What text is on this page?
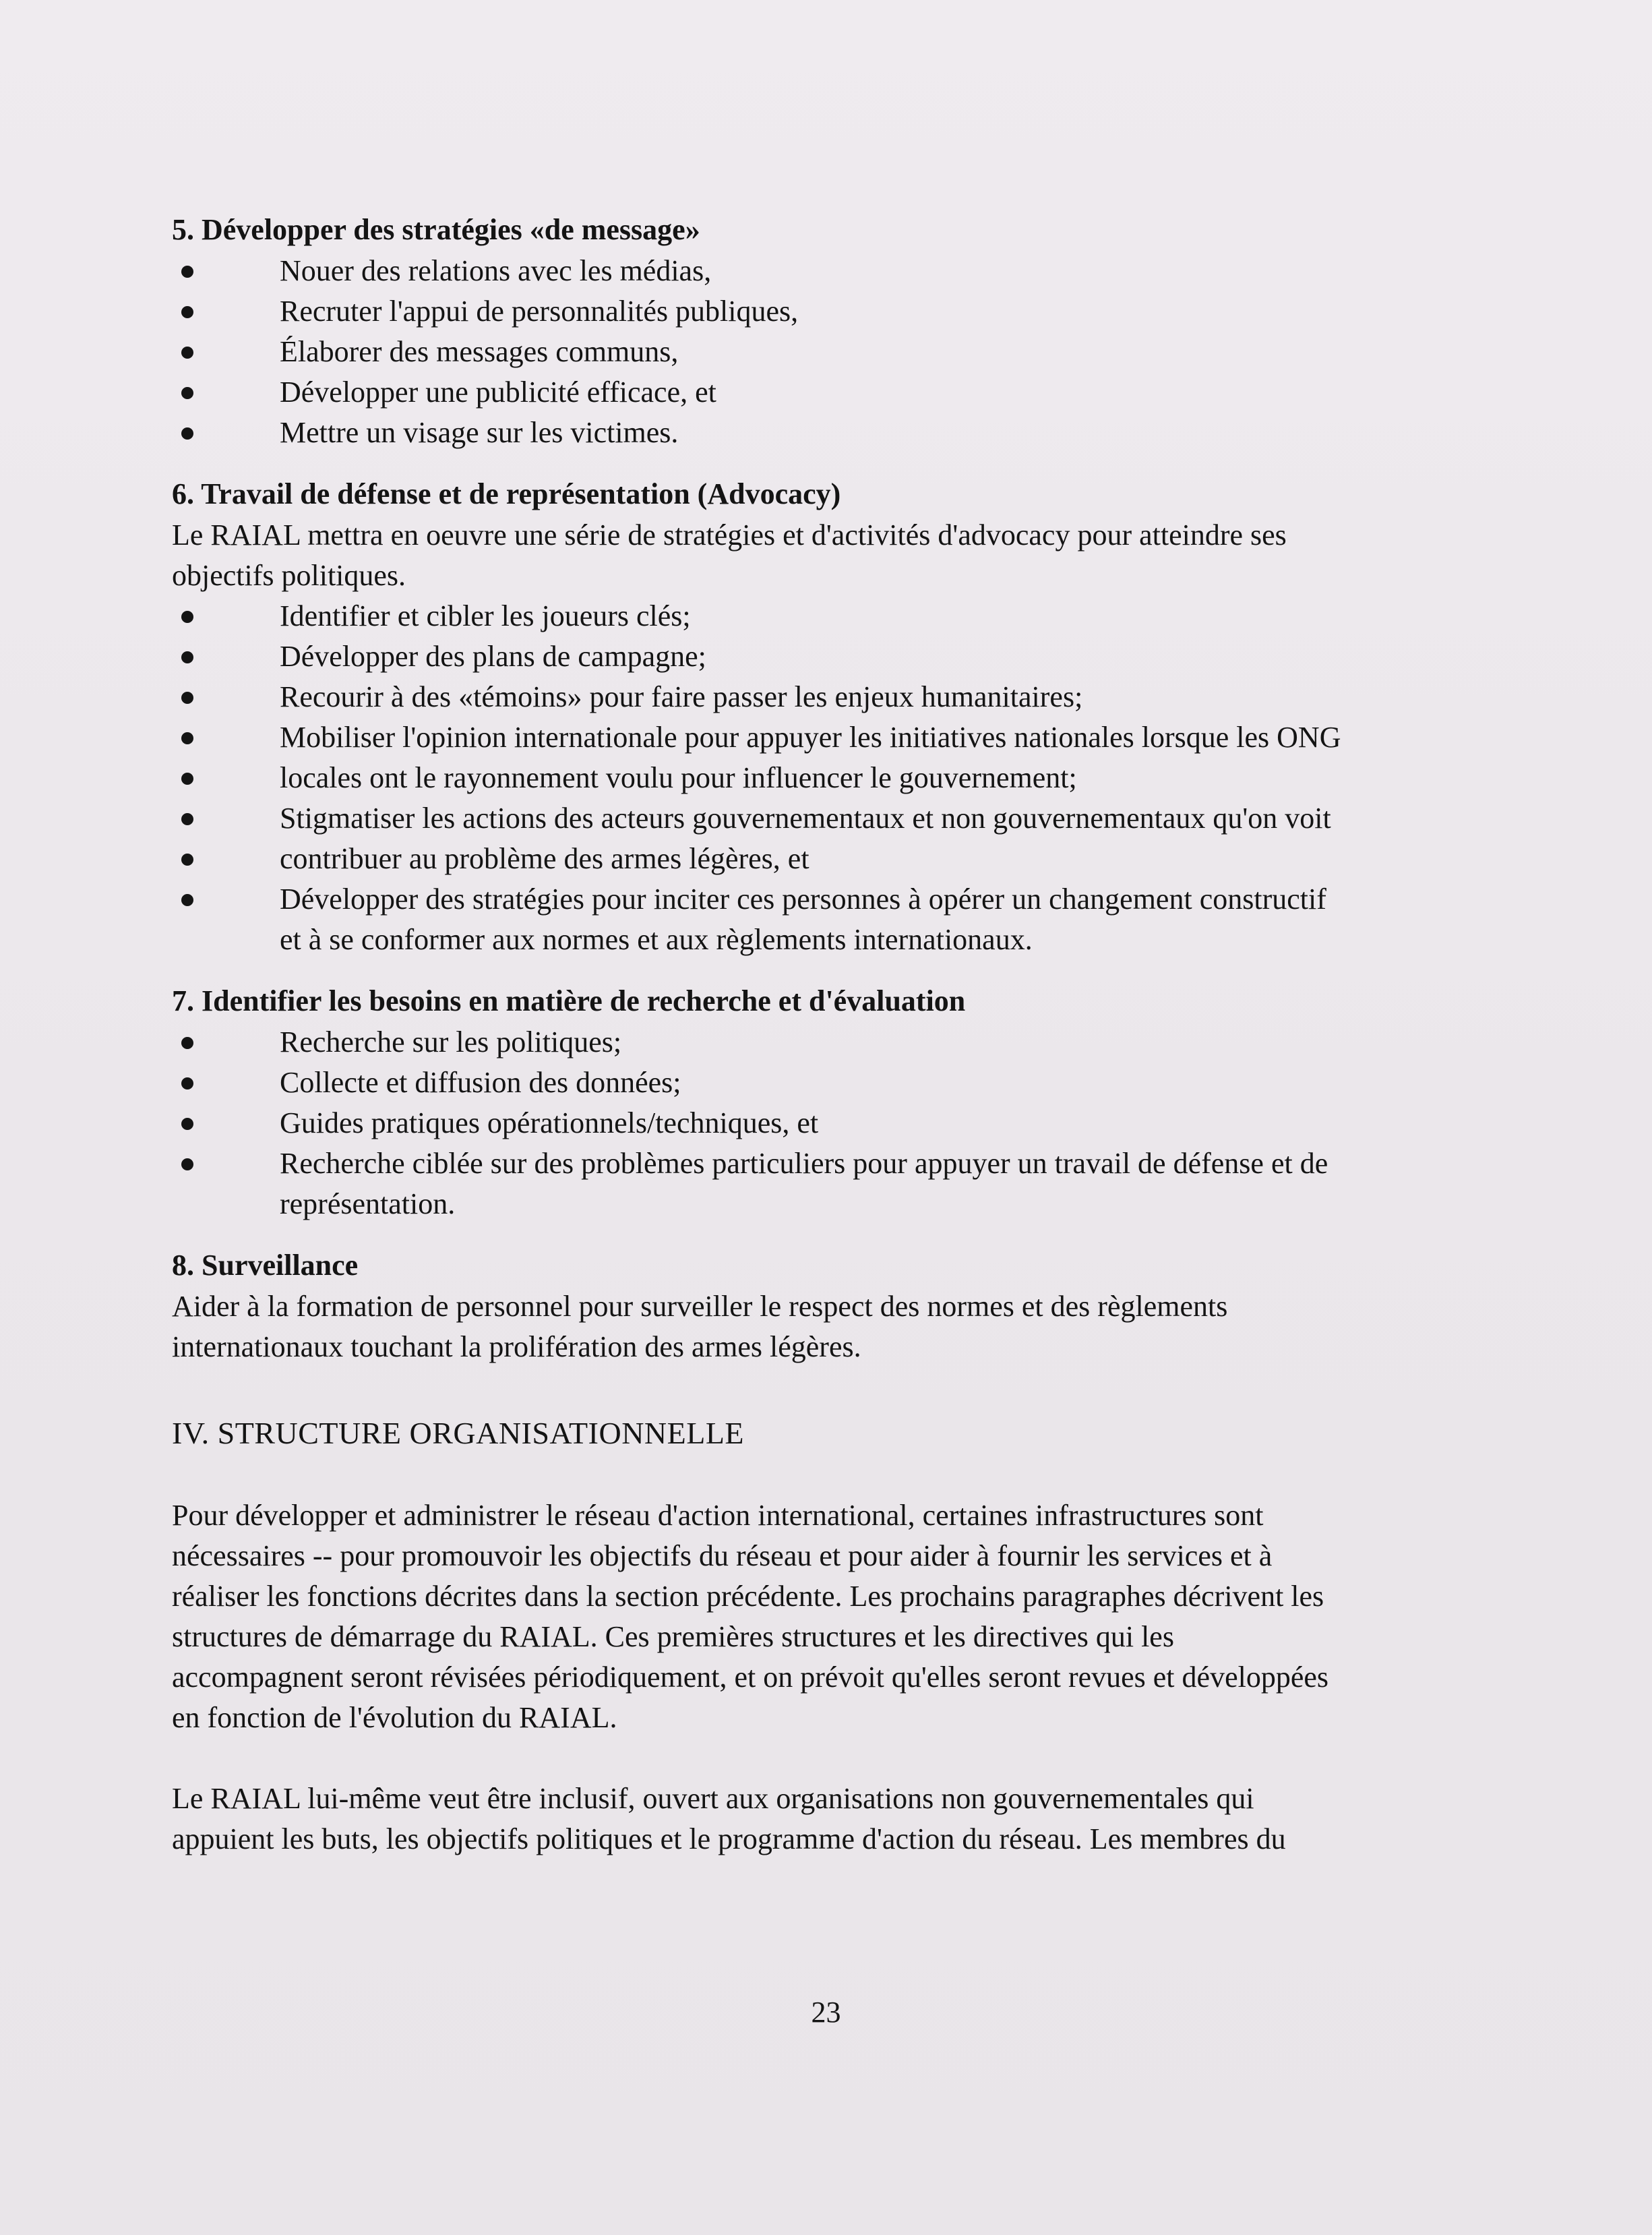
5. Développer des stratégies «de message»

Nouer des relations avec les médias,
Recruter l'appui de personnalités publiques,
Élaborer des messages communs,
Développer une publicité efficace, et
Mettre un visage sur les victimes.

6. Travail de défense et de représentation (Advocacy)

Le RAIAL mettra en oeuvre une série de stratégies et d'activités d'advocacy pour atteindre ses

objectifs politiques.

Identifier et cibler les joueurs clés;
Développer des plans de campagne;
Recourir à des «témoins» pour faire passer les enjeux humanitaires;
Mobiliser l'opinion internationale pour appuyer les initiatives nationales lorsque les ONG
locales ont le rayonnement voulu pour influencer le gouvernement;
Stigmatiser les actions des acteurs gouvernementaux et non gouvernementaux qu'on voit
contribuer au problème des armes légères, et
Développer des stratégies pour inciter ces personnes à opérer un changement constructif
et à se conformer aux normes et aux règlements internationaux.

7. Identifier les besoins en matière de recherche et d'évaluation

Recherche sur les politiques;
Collecte et diffusion des données;
Guides pratiques opérationnels/techniques, et
Recherche ciblée sur des problèmes particuliers pour appuyer un travail de défense et de
représentation.

8. Surveillance

Aider à la formation de personnel pour surveiller le respect des normes et des règlements

internationaux touchant la prolifération des armes légères.

IV. STRUCTURE ORGANISATIONNELLE

Pour développer et administrer le réseau d'action international, certaines infrastructures sont

nécessaires -- pour promouvoir les objectifs du réseau et pour aider à fournir les services et à

réaliser les fonctions décrites dans la section précédente. Les prochains paragraphes décrivent les

structures de démarrage du RAIAL. Ces premières structures et les directives qui les

accompagnent seront révisées périodiquement, et on prévoit qu'elles seront revues et développées

en fonction de l'évolution du RAIAL.

Le RAIAL lui-même veut être inclusif, ouvert aux organisations non gouvernementales qui

appuient les buts, les objectifs politiques et le programme d'action du réseau. Les membres du

23
